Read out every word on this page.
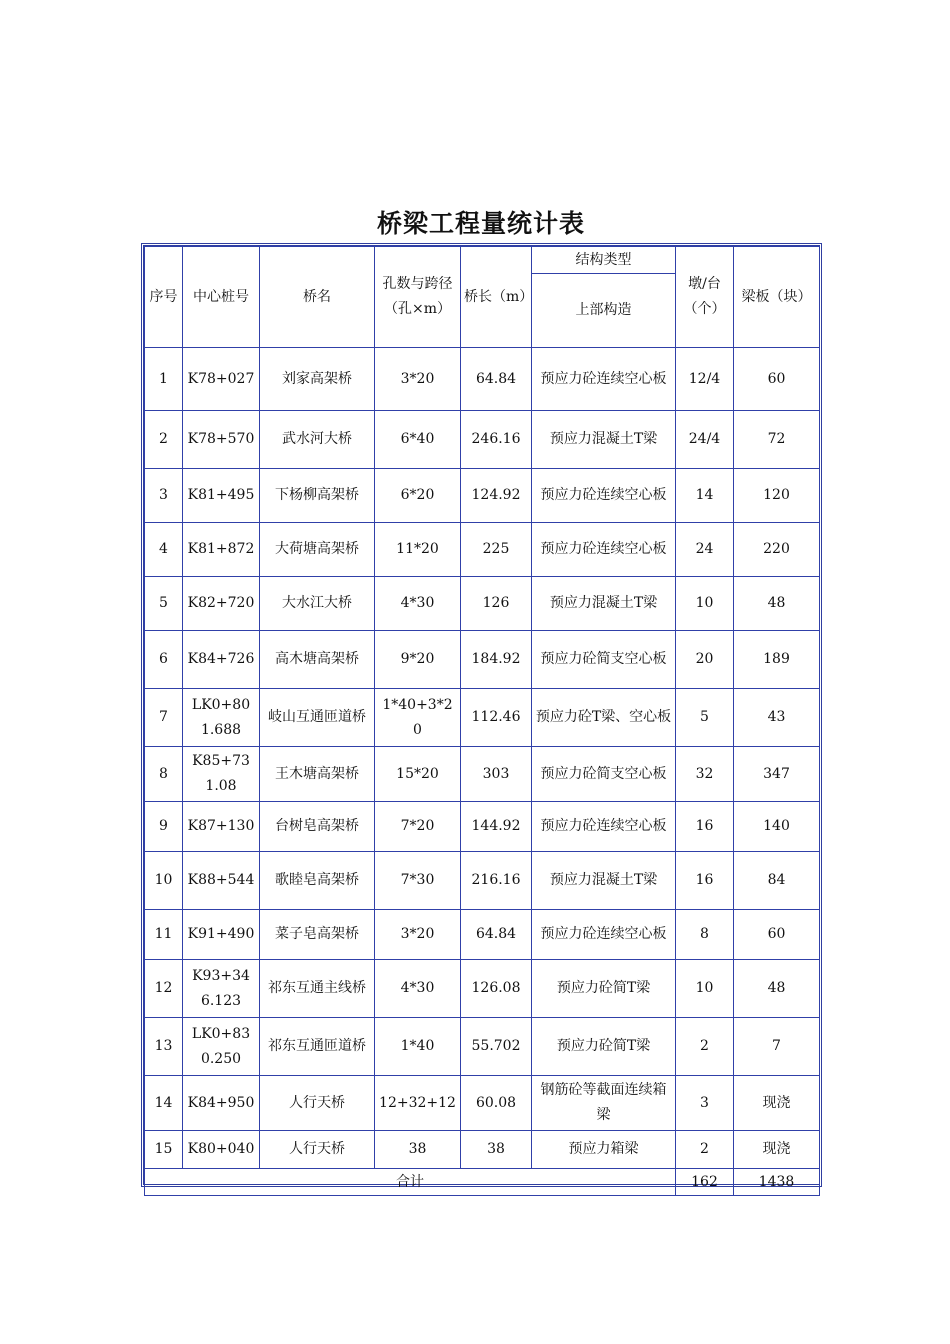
桥梁工程量统计表
序号	中心桩号	桥名	孔数与跨径（孔×m）	桥长（m）	结构类型	墩/台（个）	梁板（块）
					上部构造		
1	K78+027	刘家高架桥	3*20	64.84	预应力砼连续空心板	12/4	60
2	K78+570	武水河大桥	6*40	246.16	预应力混凝土T梁	24/4	72
3	K81+495	下杨柳高架桥	6*20	124.92	预应力砼连续空心板	14	120
4	K81+872	大荷塘高架桥	11*20	225	预应力砼连续空心板	24	220
5	K82+720	大水江大桥	4*30	126	预应力混凝土T梁	10	48
6	K84+726	高木塘高架桥	9*20	184.92	预应力砼简支空心板	20	189
7	LK0+801.688	岐山互通匝道桥	1*40+3*20	112.46	预应力砼T梁、空心板	5	43
8	K85+731.08	王木塘高架桥	15*20	303	预应力砼简支空心板	32	347
9	K87+130	台树皂高架桥	7*20	144.92	预应力砼连续空心板	16	140
10	K88+544	歌睦皂高架桥	7*30	216.16	预应力混凝土T梁	16	84
11	K91+490	菜子皂高架桥	3*20	64.84	预应力砼连续空心板	8	60
12	K93+346.123	祁东互通主线桥	4*30	126.08	预应力砼简T梁	10	48
13	LK0+830.250	祁东互通匝道桥	1*40	55.702	预应力砼简T梁	2	7
14	K84+950	人行天桥	12+32+12	60.08	钢筋砼等截面连续箱梁	3	现浇
15	K80+040	人行天桥	38	38	预应力箱梁	2	现浇
合计						162	1438
